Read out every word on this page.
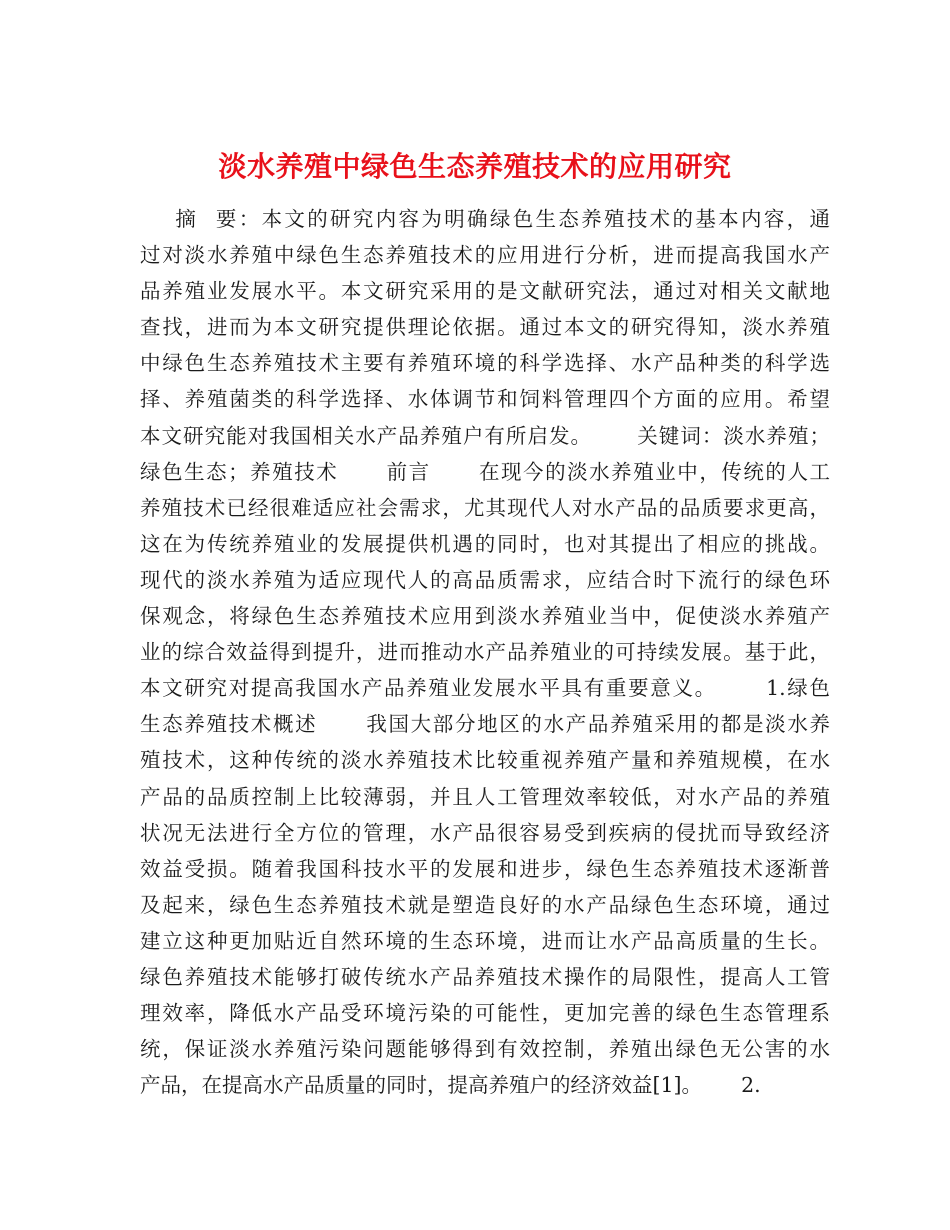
淡水养殖中绿色生态养殖技术的应用研究
摘  要：本文的研究内容为明确绿色生态养殖技术的基本内容，通
过对淡水养殖中绿色生态养殖技术的应用进行分析，进而提高我国水产
品养殖业发展水平。本文研究采用的是文献研究法，通过对相关文献地
查找，进而为本文研究提供理论依据。通过本文的研究得知，淡水养殖
中绿色生态养殖技术主要有养殖环境的科学选择、水产品种类的科学选
择、养殖菌类的科学选择、水体调节和饲料管理四个方面的应用。希望
本文研究能对我国相关水产品养殖户有所启发。      关键词：淡水养殖；
绿色生态；养殖技术      前言      在现今的淡水养殖业中，传统的人工
养殖技术已经很难适应社会需求，尤其现代人对水产品的品质要求更高，
这在为传统养殖业的发展提供机遇的同时，也对其提出了相应的挑战。
现代的淡水养殖为适应现代人的高品质需求，应结合时下流行的绿色环
保观念，将绿色生态养殖技术应用到淡水养殖业当中，促使淡水养殖产
业的综合效益得到提升，进而推动水产品养殖业的可持续发展。基于此，
本文研究对提高我国水产品养殖业发展水平具有重要意义。      1.绿色
生态养殖技术概述      我国大部分地区的水产品养殖采用的都是淡水养
殖技术，这种传统的淡水养殖技术比较重视养殖产量和养殖规模，在水
产品的品质控制上比较薄弱，并且人工管理效率较低，对水产品的养殖
状况无法进行全方位的管理，水产品很容易受到疾病的侵扰而导致经济
效益受损。随着我国科技水平的发展和进步，绿色生态养殖技术逐渐普
及起来，绿色生态养殖技术就是塑造良好的水产品绿色生态环境，通过
建立这种更加贴近自然环境的生态环境，进而让水产品高质量的生长。
绿色养殖技术能够打破传统水产品养殖技术操作的局限性，提高人工管
理效率，降低水产品受环境污染的可能性，更加完善的绿色生态管理系
统，保证淡水养殖污染问题能够得到有效控制，养殖出绿色无公害的水
产品，在提高水产品质量的同时，提高养殖户的经济效益[1]。      2.
